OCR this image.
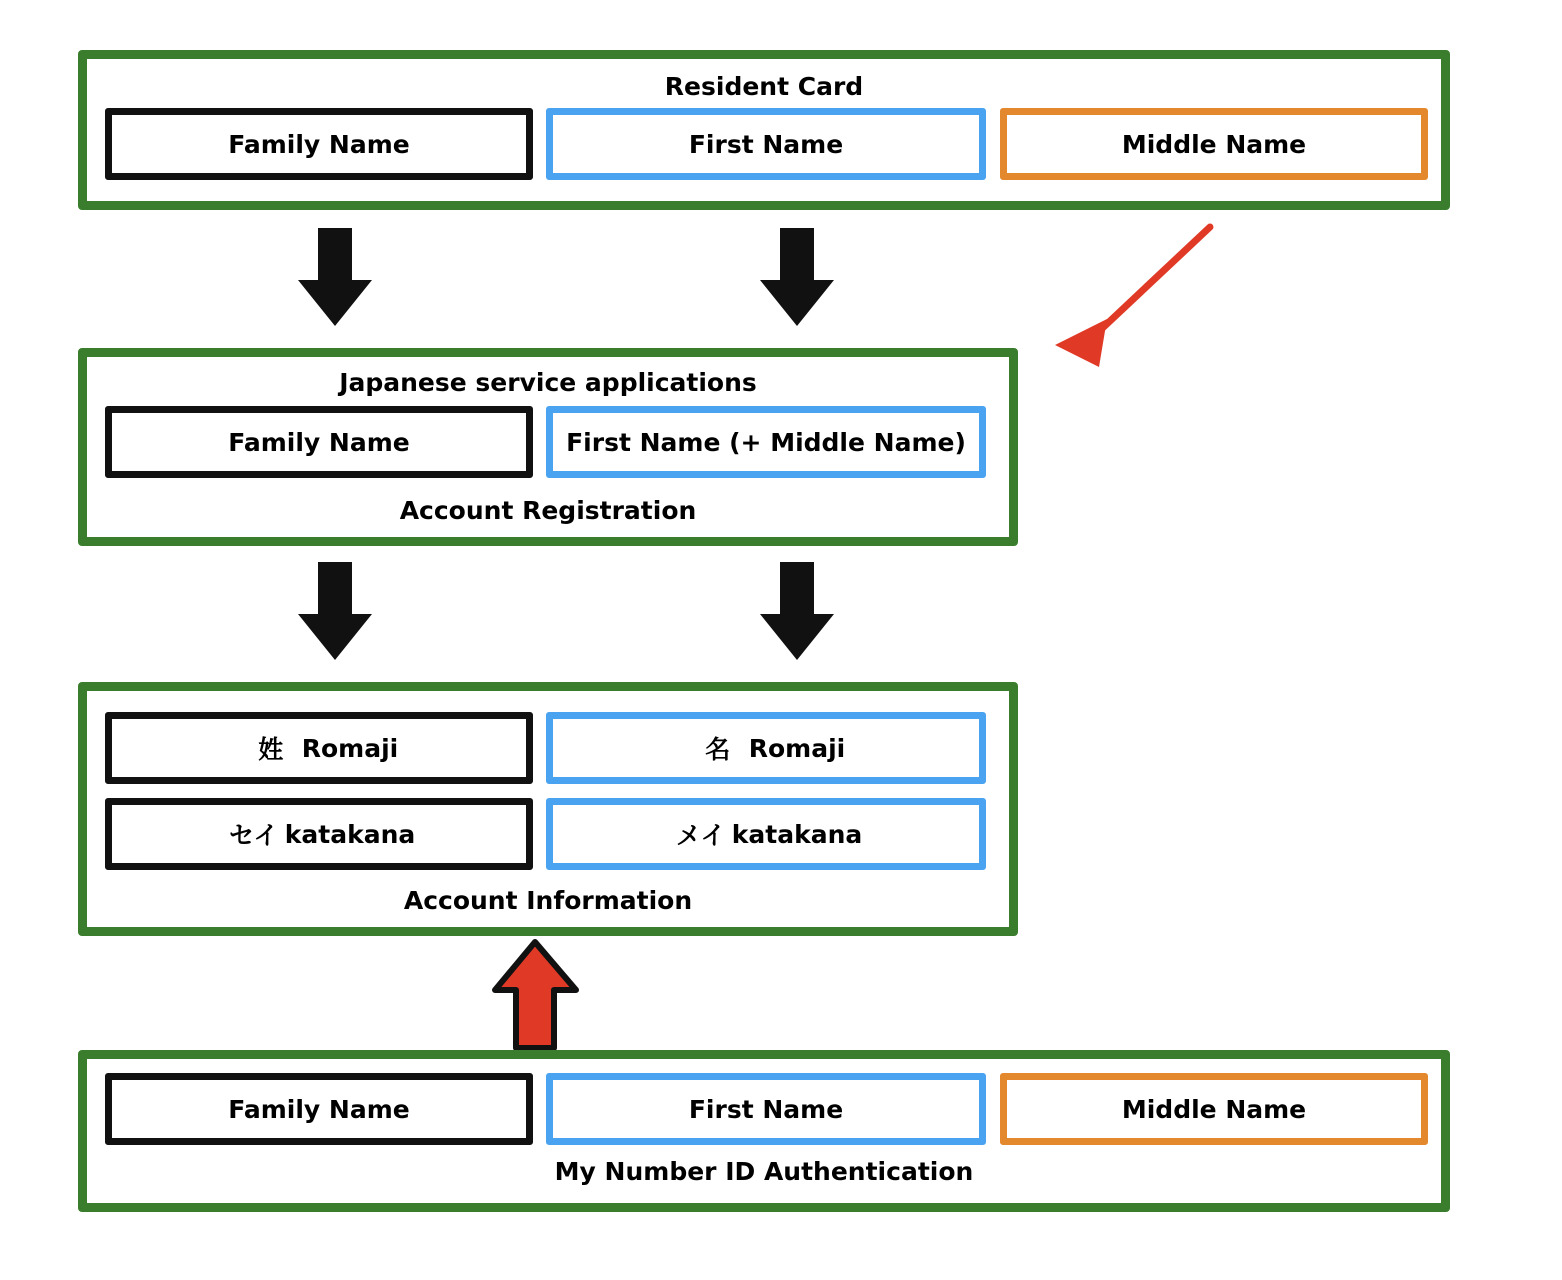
Resident Card
Family Name	First Name	Middle Name
Japanese service applications
Family Name	First Name (+ Middle Name)
Account Registration
姓 Romaji	名 Romaji
セイ katakana	メイ katakana
Account Information
Family Name	First Name	Middle Name
My Number ID Authentication
